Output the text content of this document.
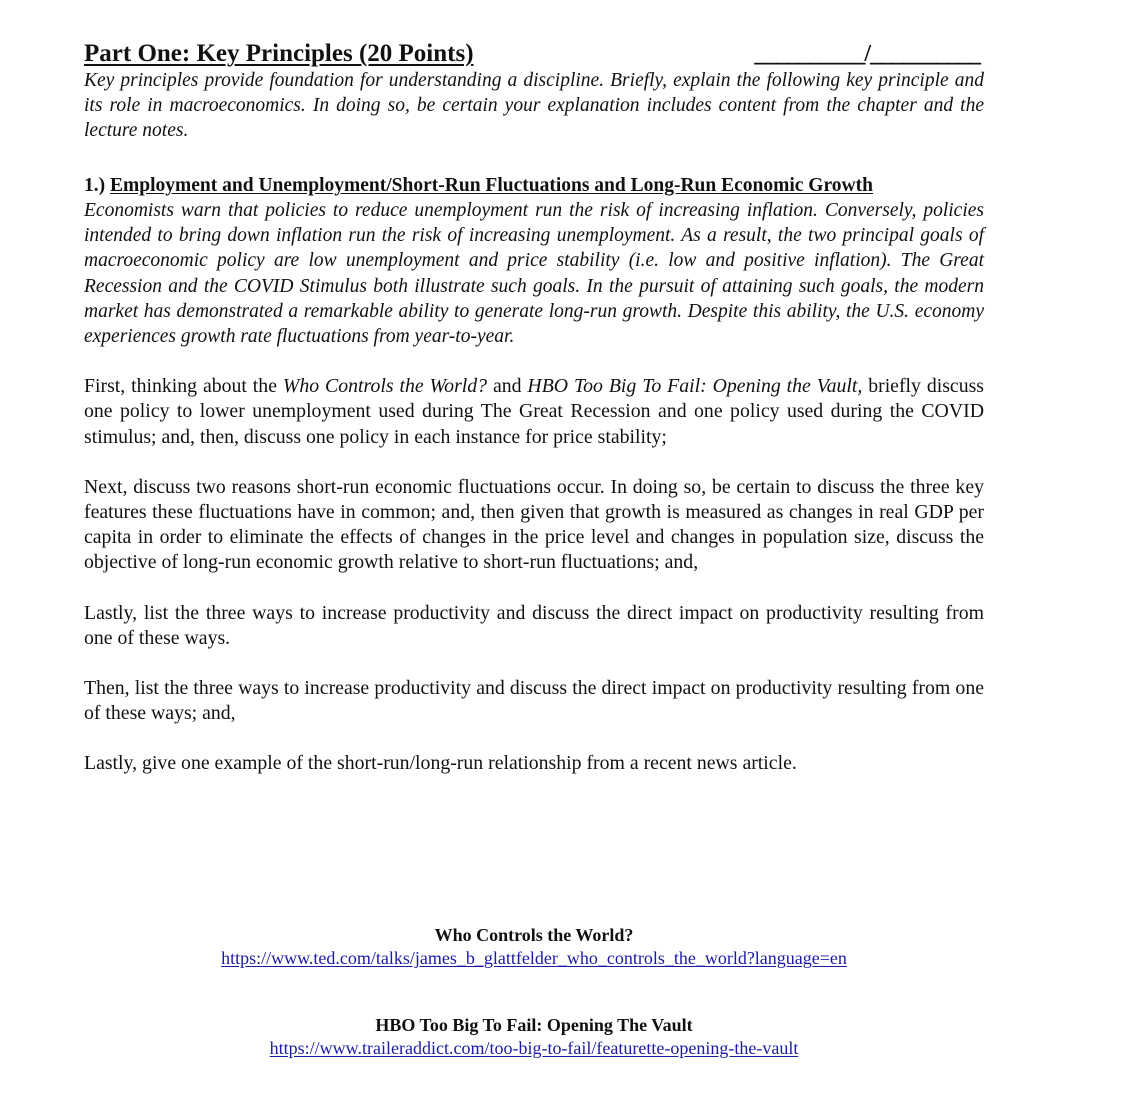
Part One: Key Principles (20 Points)	__________/__________

Key principles provide foundation for understanding a discipline. Briefly, explain the following key principle and its role in macroeconomics. In doing so, be certain your explanation includes content from the chapter and the lecture notes.

1.) Employment and Unemployment/Short-Run Fluctuations and Long-Run Economic Growth

Economists warn that policies to reduce unemployment run the risk of increasing inflation. Conversely, policies intended to bring down inflation run the risk of increasing unemployment. As a result, the two principal goals of macroeconomic policy are low unemployment and price stability (i.e. low and positive inflation). The Great Recession and the COVID Stimulus both illustrate such goals. In the pursuit of attaining such goals, the modern market has demonstrated a remarkable ability to generate long-run growth. Despite this ability, the U.S. economy experiences growth rate fluctuations from year-to-year.

First, thinking about the Who Controls the World? and HBO Too Big To Fail: Opening the Vault, briefly discuss one policy to lower unemployment used during The Great Recession and one policy used during the COVID stimulus; and, then, discuss one policy in each instance for price stability;

Next, discuss two reasons short-run economic fluctuations occur. In doing so, be certain to discuss the three key features these fluctuations have in common; and, then given that growth is measured as changes in real GDP per capita in order to eliminate the effects of changes in the price level and changes in population size, discuss the objective of long-run economic growth relative to short-run fluctuations; and,

Lastly, list the three ways to increase productivity and discuss the direct impact on productivity resulting from one of these ways.

Then, list the three ways to increase productivity and discuss the direct impact on productivity resulting from one of these ways; and,

Lastly, give one example of the short-run/long-run relationship from a recent news article.

Who Controls the World?
https://www.ted.com/talks/james_b_glattfelder_who_controls_the_world?language=en
HBO Too Big To Fail: Opening The Vault
https://www.traileraddict.com/too-big-to-fail/featurette-opening-the-vault
